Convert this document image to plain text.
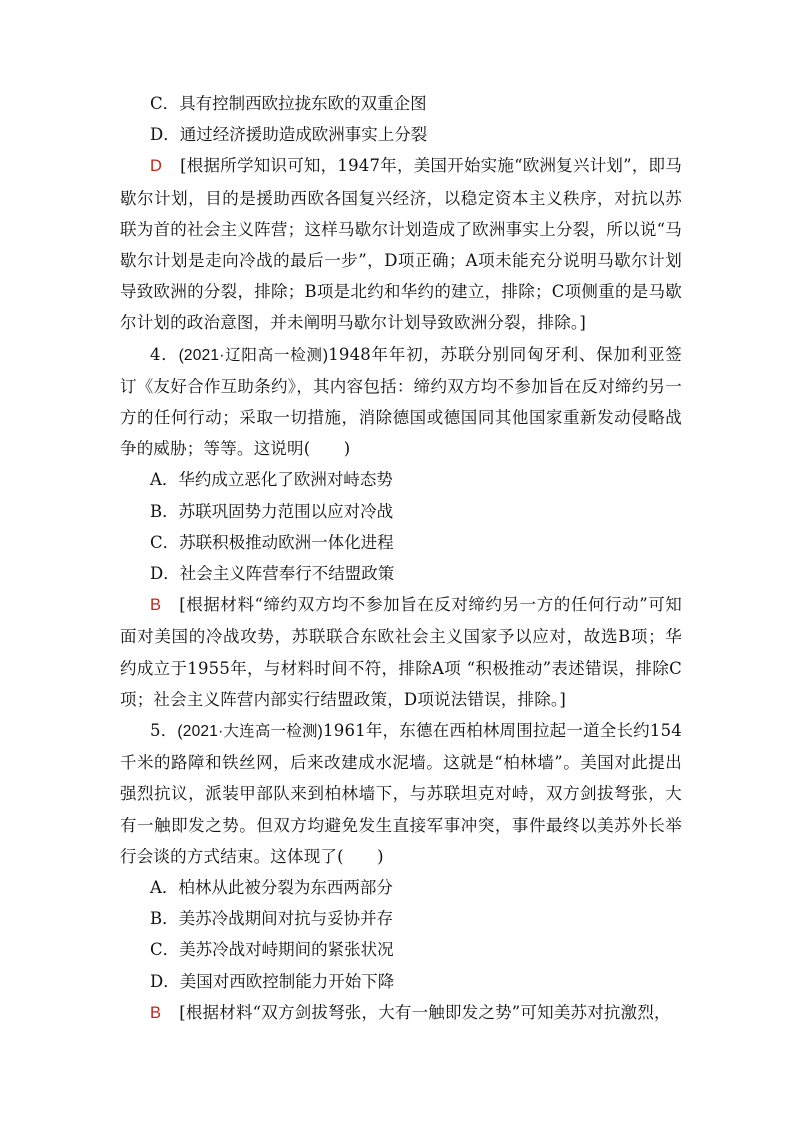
C．具有控制西欧拉拢东欧的双重企图

D．通过经济援助造成欧洲事实上分裂

D [根据所学知识可知，1947年，美国开始实施“欧洲复兴计划”，即马歇尔计划，目的是援助西欧各国复兴经济，以稳定资本主义秩序，对抗以苏联为首的社会主义阵营；这样马歇尔计划造成了欧洲事实上分裂，所以说“马歇尔计划是走向冷战的最后一步”，D项正确；A项未能充分说明马歇尔计划导致欧洲的分裂，排除；B项是北约和华约的建立，排除；C项侧重的是马歇尔计划的政治意图，并未阐明马歇尔计划导致欧洲分裂，排除。]

4．(2021·辽阳高一检测)1948年年初，苏联分别同匈牙利、保加利亚签订《友好合作互助条约》，其内容包括：缔约双方均不参加旨在反对缔约另一方的任何行动；采取一切措施，消除德国或德国同其他国家重新发动侵略战争的威胁；等等。这说明(　　)

A．华约成立恶化了欧洲对峙态势

B．苏联巩固势力范围以应对冷战

C．苏联积极推动欧洲一体化进程

D．社会主义阵营奉行不结盟政策

B [根据材料“缔约双方均不参加旨在反对缔约另一方的任何行动”可知面对美国的冷战攻势，苏联联合东欧社会主义国家予以应对，故选B项；华约成立于1955年，与材料时间不符，排除A项 “积极推动”表述错误，排除C项；社会主义阵营内部实行结盟政策，D项说法错误，排除。]

5．(2021·大连高一检测)1961年，东德在西柏林周围拉起一道全长约154千米的路障和铁丝网，后来改建成水泥墙。这就是“柏林墙”。美国对此提出强烈抗议，派装甲部队来到柏林墙下，与苏联坦克对峙，双方剑拔弩张，大有一触即发之势。但双方均避免发生直接军事冲突，事件最终以美苏外长举行会谈的方式结束。这体现了(　　)

A．柏林从此被分裂为东西两部分

B．美苏冷战期间对抗与妥协并存

C．美苏冷战对峙期间的紧张状况

D．美国对西欧控制能力开始下降

B [根据材料“双方剑拔弩张，大有一触即发之势”可知美苏对抗激烈，
